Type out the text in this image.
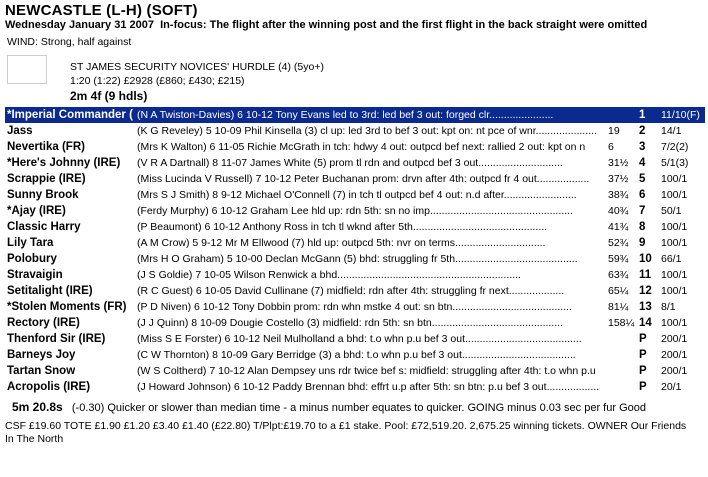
NEWCASTLE (L-H) (SOFT)
Wednesday January 31 2007 In-focus: The flight after the winning post and the first flight in the back straight were omitted
WIND: Strong, half against
ST JAMES SECURITY NOVICES' HURDLE (4) (5yo+)
1:20 (1:22) £2928 (£860; £430; £215)
2m 4f (9 hdls)
*Imperial Commander ( (N A Twiston-Davies) 6 10-12 Tony Evans led to 3rd: led bef 3 out: forged clr......................	1	11/10(F)
Jass	(K G Reveley) 5 10-09 Phil Kinsella (3) cl up: led 3rd to bef 3 out: kpt on: nt pce of wnr.....................	19	2	14/1
Nevertika (FR)	(Mrs K Walton) 6 11-05 Richie McGrath in tch: hdwy 4 out: outpcd bef next: rallied 2 out: kpt on n	6	3	7/2(2)
*Here's Johnny (IRE)	(V R A Dartnall) 8 11-07 James White (5) prom tl rdn and outpcd bef 3 out.............................	31½ 4	5/1(3)
Scrappie (IRE)	(Miss Lucinda V Russell) 7 10-12 Peter Buchanan prom: drvn after 4th: outpcd fr 4 out..................	37½ 5	100/1
Sunny Brook	(Mrs S J Smith) 8 9-12 Michael O'Connell (7) in tch tl outpcd bef 4 out: n.d after.........................	38¾ 6	100/1
*Ajay (IRE)	(Ferdy Murphy) 6 10-12 Graham Lee hld up: rdn 5th: sn no imp.................................................	40¾ 7	50/1
Classic Harry	(P Beaumont) 6 10-12 Anthony Ross in tch tl wknd after 5th..............................................	41¾ 8	100/1
Lily Tara	(A M Crow) 5 9-12 Mr M Ellwood (7) hld up: outpcd 5th: nvr on terms...............................	52¾ 9	100/1
Polobury	(Mrs H O Graham) 5 10-00 Declan McGann (5) bhd: struggling fr 5th..........................................	59¾ 10 66/1
Stravaigin	(J S Goldie) 7 10-05 Wilson Renwick a bhd...............................................................	63¾ 11 100/1
Setitalight (IRE)	(R C Guest) 6 10-05 David Cullinane (7) midfield: rdn after 4th: struggling fr next...................	65¼ 12 100/1
*Stolen Moments (FR)	(P D Niven) 6 10-12 Tony Dobbin prom: rdn whn mstke 4 out: sn btn.........................................	81¼ 13 8/1
Rectory (IRE)	(J J Quinn) 8 10-09 Dougie Costello (3) midfield: rdn 5th: sn btn.............................................	158¼ 14 100/1
Thenford Sir (IRE)	(Miss S E Forster) 6 10-12 Neil Mulholland a bhd: t.o whn p.u bef 3 out........................................	P	200/1
Barneys Joy	(C W Thornton) 8 10-09 Gary Berridge (3) a bhd: t.o whn p.u bef 3 out.......................................	P	200/1
Tartan Snow	(W S Coltherd) 7 10-12 Alan Dempsey uns rdr twice bef s: midfield: struggling after 4th: t.o whn p.u	P	200/1
Acropolis (IRE)	(J Howard Johnson) 6 10-12 Paddy Brennan bhd: effrt u.p after 5th: sn btn: p.u bef 3 out..................	P	20/1
5m 20.8s (-0.30) Quicker or slower than median time - a minus number equates to quicker. GOING minus 0.03 sec per fur Good
CSF £19.60 TOTE £1.90 £1.20 £3.40 £1.40 (£22.80) T/Plpt:£19.70 to a £1 stake. Pool: £72,519.20. 2,675.25 winning tickets. OWNER Our Friends In The North
